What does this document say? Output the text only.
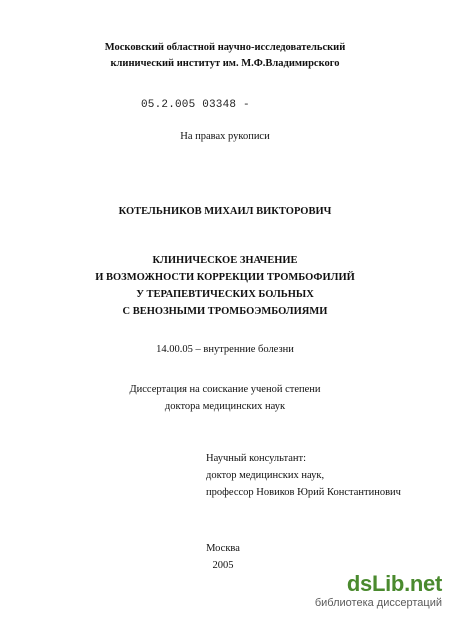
Московский областной научно-исследовательский
клинический институт им. М.Ф.Владимирского
05.2.005 03348 -
На правах рукописи
КОТЕЛЬНИКОВ МИХАИЛ ВИКТОРОВИЧ
КЛИНИЧЕСКОЕ ЗНАЧЕНИЕ
И ВОЗМОЖНОСТИ КОРРЕКЦИИ ТРОМБОФИЛИЙ
У ТЕРАПЕВТИЧЕСКИХ БОЛЬНЫХ
С ВЕНОЗНЫМИ ТРОМБОЭМБОЛИЯМИ
14.00.05 – внутренние болезни
Диссертация на соискание ученой степени
доктора медицинских наук
Научный консультант:
доктор медицинских наук,
профессор Новиков Юрий Константинович
Москва
2005
dsLib.net
библиотека диссертаций
